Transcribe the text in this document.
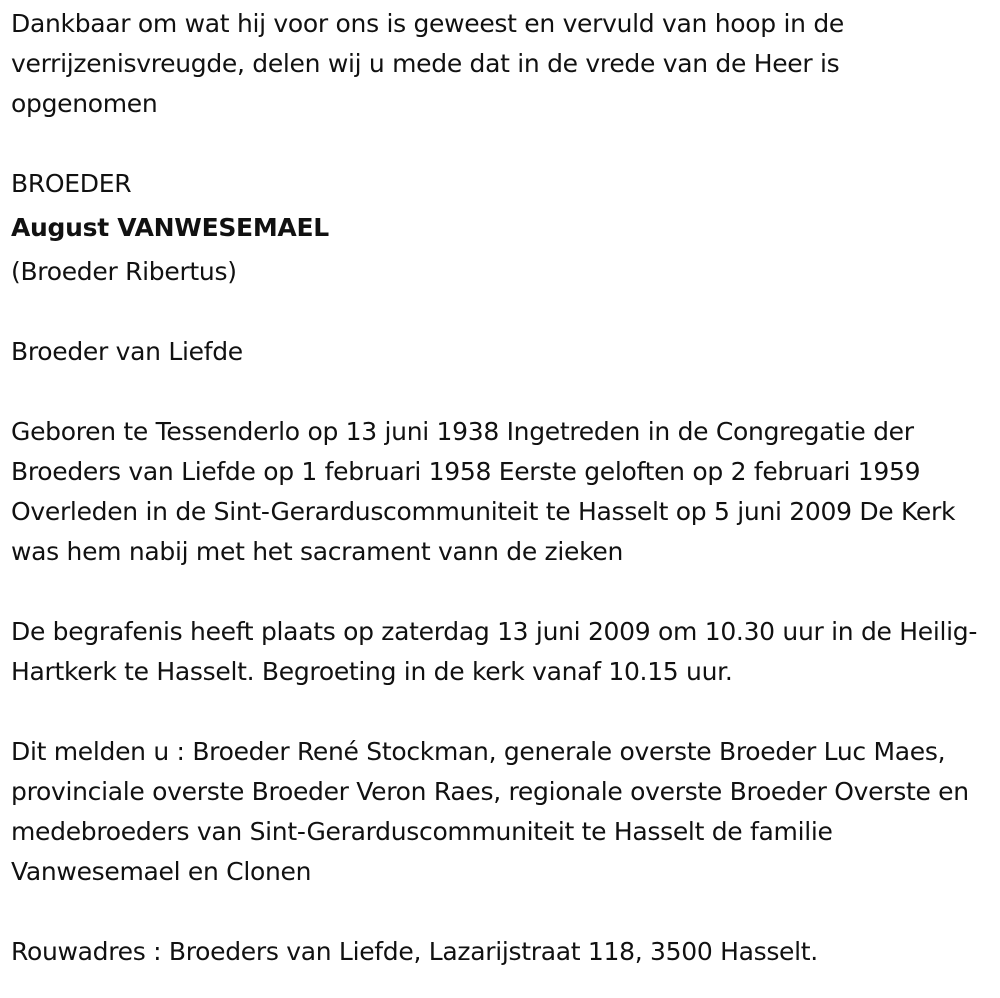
Dankbaar om wat hij voor ons is geweest en vervuld van hoop in de verrijzenisvreugde, delen wij u mede dat in de vrede van de Heer is opgenomen

BROEDER

August VANWESEMAEL

(Broeder Ribertus)

Broeder van Liefde

Geboren te Tessenderlo op 13 juni 1938 Ingetreden in de Congregatie der Broeders van Liefde op 1 februari 1958 Eerste geloften op 2 februari 1959 Overleden in de Sint-Gerarduscommuniteit te Hasselt op 5 juni 2009 De Kerk was hem nabij met het sacrament vann de zieken

De begrafenis heeft plaats op zaterdag 13 juni 2009 om 10.30 uur in de Heilig-Hartkerk te Hasselt. Begroeting in de kerk vanaf 10.15 uur.

Dit melden u : Broeder René Stockman, generale overste Broeder Luc Maes, provinciale overste Broeder Veron Raes, regionale overste Broeder Overste en medebroeders van Sint-Gerarduscommuniteit te Hasselt de familie Vanwesemael en Clonen

Rouwadres : Broeders van Liefde, Lazarijstraat 118, 3500 Hasselt.
